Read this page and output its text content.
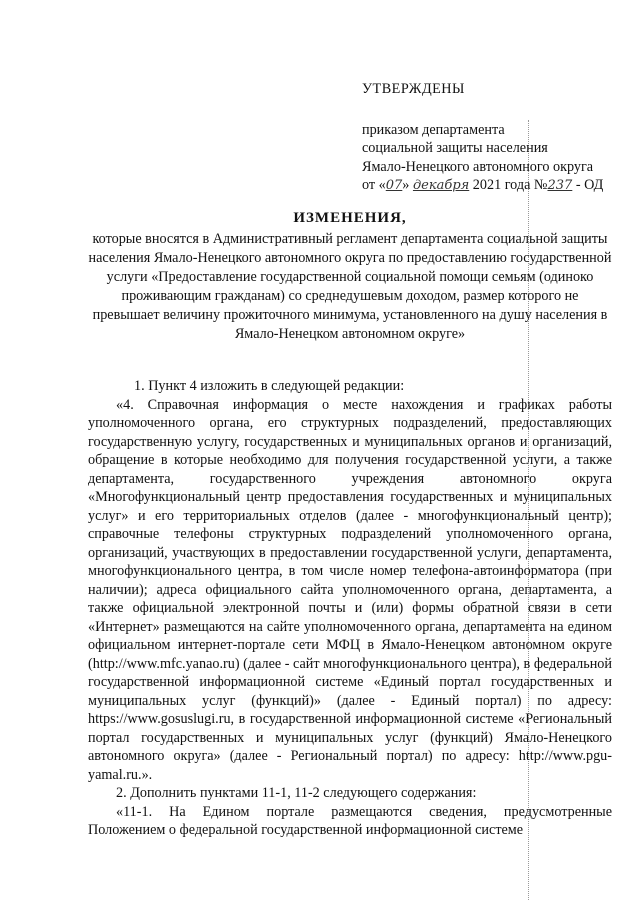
УТВЕРЖДЕНЫ
приказом департамента
социальной защиты населения
Ямало-Ненецкого автономного округа
от «07» декабря 2021 года №237 - ОД
ИЗМЕНЕНИЯ,
которые вносятся в Административный регламент департамента социальной защиты населения Ямало-Ненецкого автономного округа по предоставлению государственной услуги «Предоставление государственной социальной помощи семьям (одиноко проживающим гражданам) со среднедушевым доходом, размер которого не превышает величину прожиточного минимума, установленного на душу населения в Ямало-Ненецком автономном округе»

1. Пункт 4 изложить в следующей редакции:

«4. Справочная информация о месте нахождения и графиках работы уполномоченного органа, его структурных подразделений, предоставляющих государственную услугу, государственных и муниципальных органов и организаций, обращение в которые необходимо для получения государственной услуги, а также департамента, государственного учреждения автономного округа «Многофункциональный центр предоставления государственных и муниципальных услуг» и его территориальных отделов (далее - многофункциональный центр); справочные телефоны структурных подразделений уполномоченного органа, организаций, участвующих в предоставлении государственной услуги, департамента, многофункционального центра, в том числе номер телефона-автоинформатора (при наличии); адреса официального сайта уполномоченного органа, департамента, а также официальной электронной почты и (или) формы обратной связи в сети «Интернет» размещаются на сайте уполномоченного органа, департамента на едином официальном интернет-портале сети МФЦ в Ямало-Ненецком автономном округе (http://www.mfc.yanao.ru) (далее - сайт многофункционального центра), в федеральной государственной информационной системе «Единый портал государственных и муниципальных услуг (функций)» (далее - Единый портал) по адресу: https://www.gosuslugi.ru, в государственной информационной системе «Региональный портал государственных и муниципальных услуг (функций) Ямало-Ненецкого автономного округа» (далее - Региональный портал) по адресу: http://www.pgu-yamal.ru.».

2. Дополнить пунктами 11-1, 11-2 следующего содержания:

«11-1. На Едином портале размещаются сведения, предусмотренные Положением о федеральной государственной информационной системе
